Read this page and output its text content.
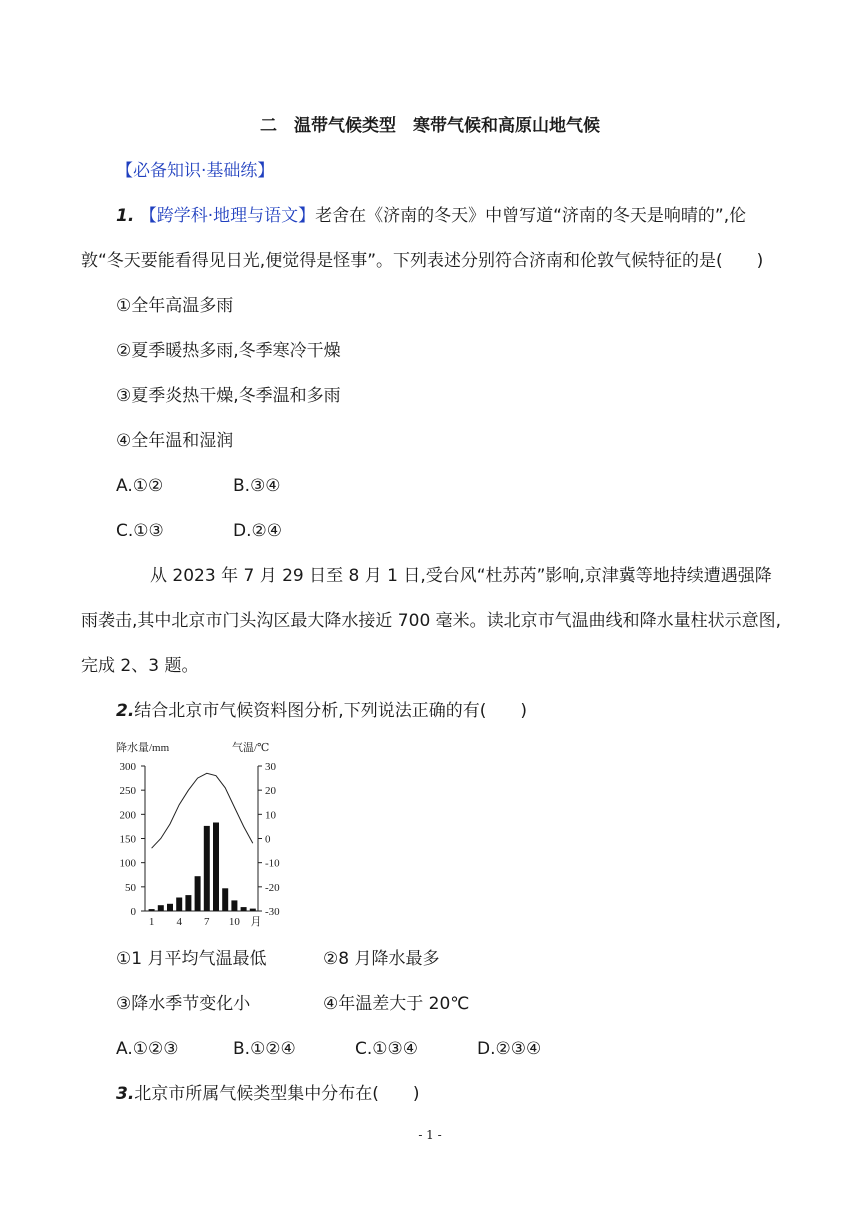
二　温带气候类型　寒带气候和高原山地气候
【必备知识·基础练】
1. 【跨学科·地理与语文】老舍在《济南的冬天》中曾写道“济南的冬天是响晴的”,伦
敦“冬天要能看得见日光,便觉得是怪事”。下列表述分别符合济南和伦敦气候特征的是(　　)
①全年高温多雨
②夏季暖热多雨,冬季寒冷干燥
③夏季炎热干燥,冬季温和多雨
④全年温和湿润
A.①②	B.③④
C.①③	D.②④
从 2023 年 7 月 29 日至 8 月 1 日,受台风“杜苏芮”影响,京津冀等地持续遭遇强降
雨袭击,其中北京市门头沟区最大降水接近 700 毫米。读北京市气温曲线和降水量柱状示意图,
完成 2、3 题。
2.结合北京市气候资料图分析,下列说法正确的有(　　)
降水量/mm	气温/℃
300
250
200
150
100
50
0
30
20
10
0
-10
-20
-30
1 4 7 10 月
①1 月平均气温最低	②8 月降水最多
③降水季节变化小	④年温差大于 20℃
A.①②③	B.①②④	C.①③④	D.②③④
3.北京市所属气候类型集中分布在(　　)
- 1 -
